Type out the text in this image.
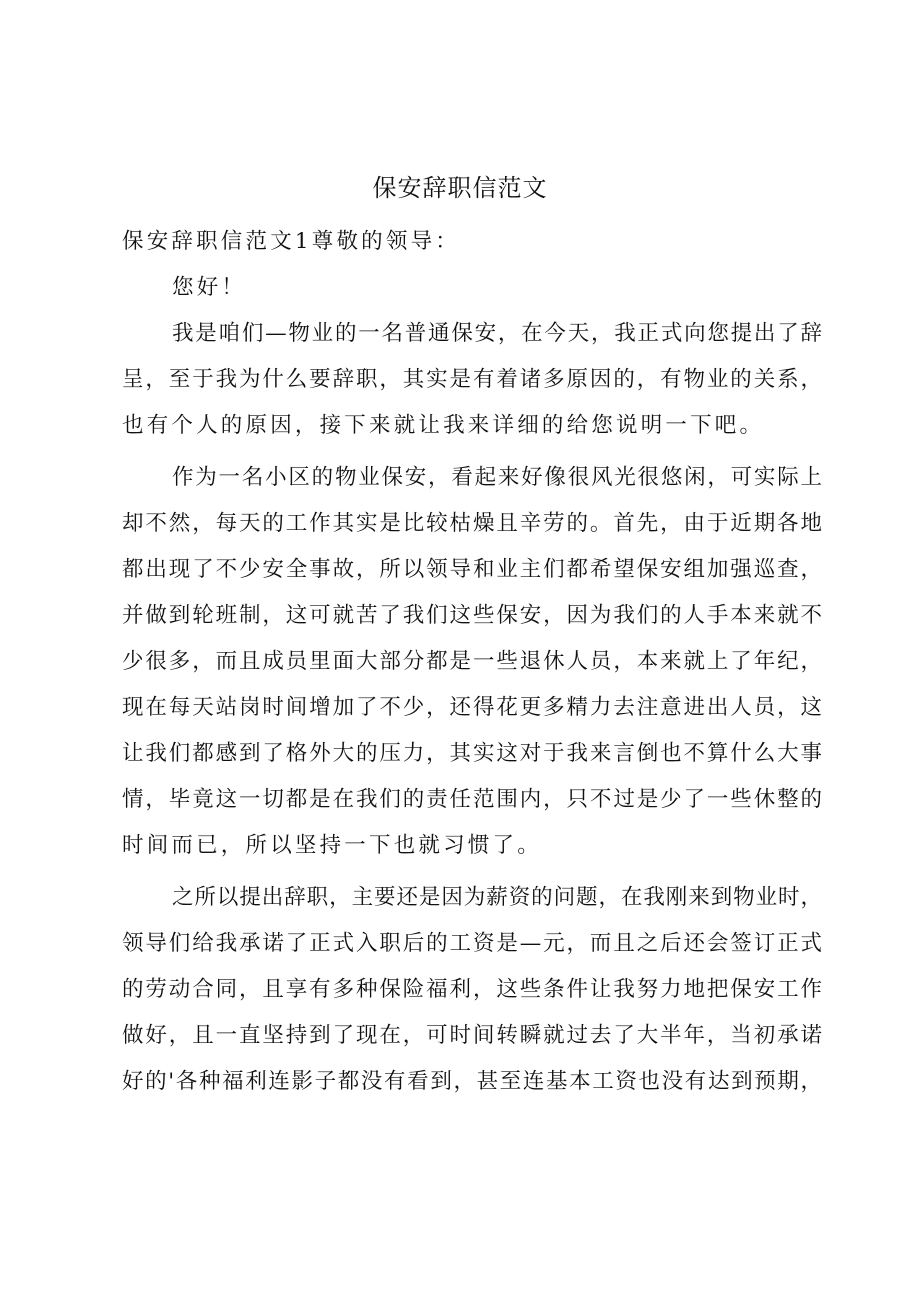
保安辞职信范文
保安辞职信范文1尊敬的领导：
您好！
我是咱们—物业的一名普通保安，在今天，我正式向您提出了辞
呈，至于我为什么要辞职，其实是有着诸多原因的，有物业的关系，
也有个人的原因，接下来就让我来详细的给您说明一下吧。
作为一名小区的物业保安，看起来好像很风光很悠闲，可实际上
却不然，每天的工作其实是比较枯燥且辛劳的。首先，由于近期各地
都出现了不少安全事故，所以领导和业主们都希望保安组加强巡查，
并做到轮班制，这可就苦了我们这些保安，因为我们的人手本来就不
少很多，而且成员里面大部分都是一些退休人员，本来就上了年纪，
现在每天站岗时间增加了不少，还得花更多精力去注意进出人员，这
让我们都感到了格外大的压力，其实这对于我来言倒也不算什么大事
情，毕竟这一切都是在我们的责任范围内，只不过是少了一些休整的
时间而已，所以坚持一下也就习惯了。
之所以提出辞职，主要还是因为薪资的问题，在我刚来到物业时，
领导们给我承诺了正式入职后的工资是—元，而且之后还会签订正式
的劳动合同，且享有多种保险福利，这些条件让我努力地把保安工作
做好，且一直坚持到了现在，可时间转瞬就过去了大半年，当初承诺
好的'各种福利连影子都没有看到，甚至连基本工资也没有达到预期，
